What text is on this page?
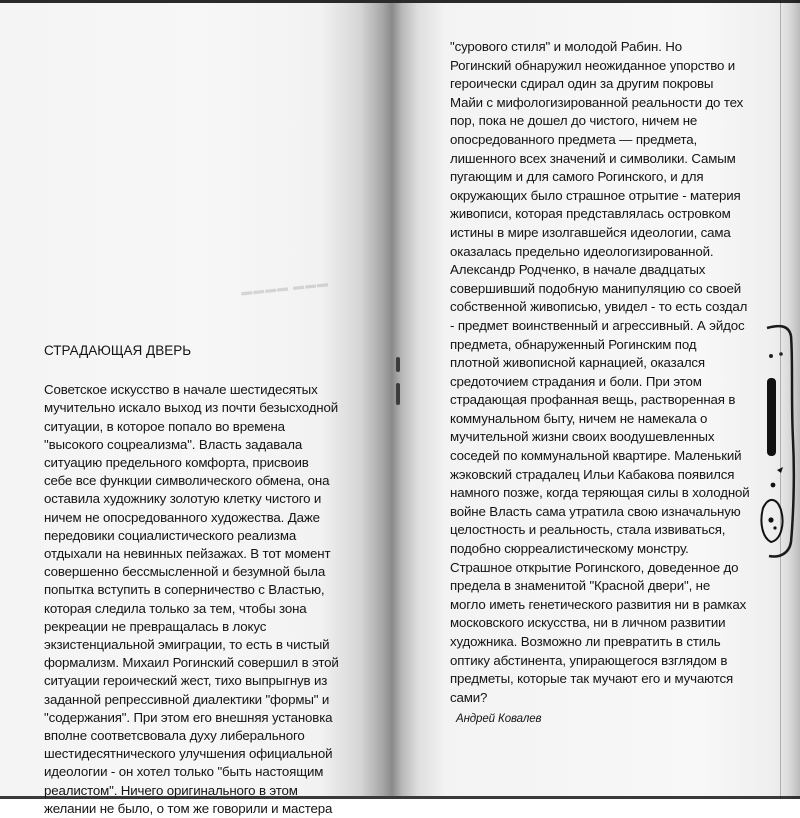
▬▬▬ ▬▬▬▬
СТРАДАЮЩАЯ ДВЕРЬ
Советское искусство в начале шестидесятых
мучительно искало выход из почти безысходной
ситуации, в которое попало во времена
"высокого соцреализма". Власть задавала
ситуацию предельного комфорта, присвоив
себе все функции символического обмена, она
оставила художнику золотую клетку чистого и
ничем не опосредованного художества. Даже
передовики социалистического реализма
отдыхали на невинных пейзажах. В тот момент
совершенно бессмысленной и безумной была
попытка вступить в соперничество с Властью,
которая следила только за тем, чтобы зона
рекреации не превращалась в локус
экзистенциальной эмиграции, то есть в чистый
формализм. Михаил Рогинский совершил в этой
ситуации героический жест, тихо выпрыгнув из
заданной репрессивной диалектики "формы" и
"содержания". При этом его внешняя установка
вполне соответсвовала духу либерального
шестидесятнического улучшения официальной
идеологии - он хотел только "быть настоящим
реалистом". Ничего оригинального в этом
желании не было, о том же говорили и мастера
"сурового стиля" и молодой Рабин. Но
Рогинский обнаружил неожиданное упорство и
героически сдирал один за другим покровы
Майи с мифологизированной реальности до тех
пор, пока не дошел до чистого, ничем не
опосредованного предмета — предмета,
лишенного всех значений и символики. Самым
пугающим и для самого Рогинского, и для
окружающих было страшное отрытие - материя
живописи, которая представлялась островком
истины в мире изолгавшейся идеологии, сама
оказалась предельно идеологизированной.
Александр Родченко, в начале двадцатых
совершивший подобную манипуляцию со своей
собственной живописью, увидел - то есть создал
- предмет воинственный и агрессивный. А эйдос
предмета, обнаруженный Рогинским под
плотной живописной карнацией, оказался
средоточием страдания и боли. При этом
страдающая профанная вещь, растворенная в
коммунальном быту, ничем не намекала о
мучительной жизни своих воодушевленных
соседей по коммунальной квартире. Маленький
жэковский страдалец Ильи Кабакова появился
намного позже, когда теряющая силы в холодной
войне Власть сама утратила свою изначальную
целостность и реальность, стала извиваться,
подобно сюрреалистическому монстру.
Страшное открытие Рогинского, доведенное до
предела в знаменитой "Красной двери", не
могло иметь генетического развития ни в рамках
московского искусства, ни в личном развитии
художника. Возможно ли превратить в стиль
оптику абстинента, упирающегося взглядом в
предметы, которые так мучают его и мучаются
сами?
Андрей Ковалев
